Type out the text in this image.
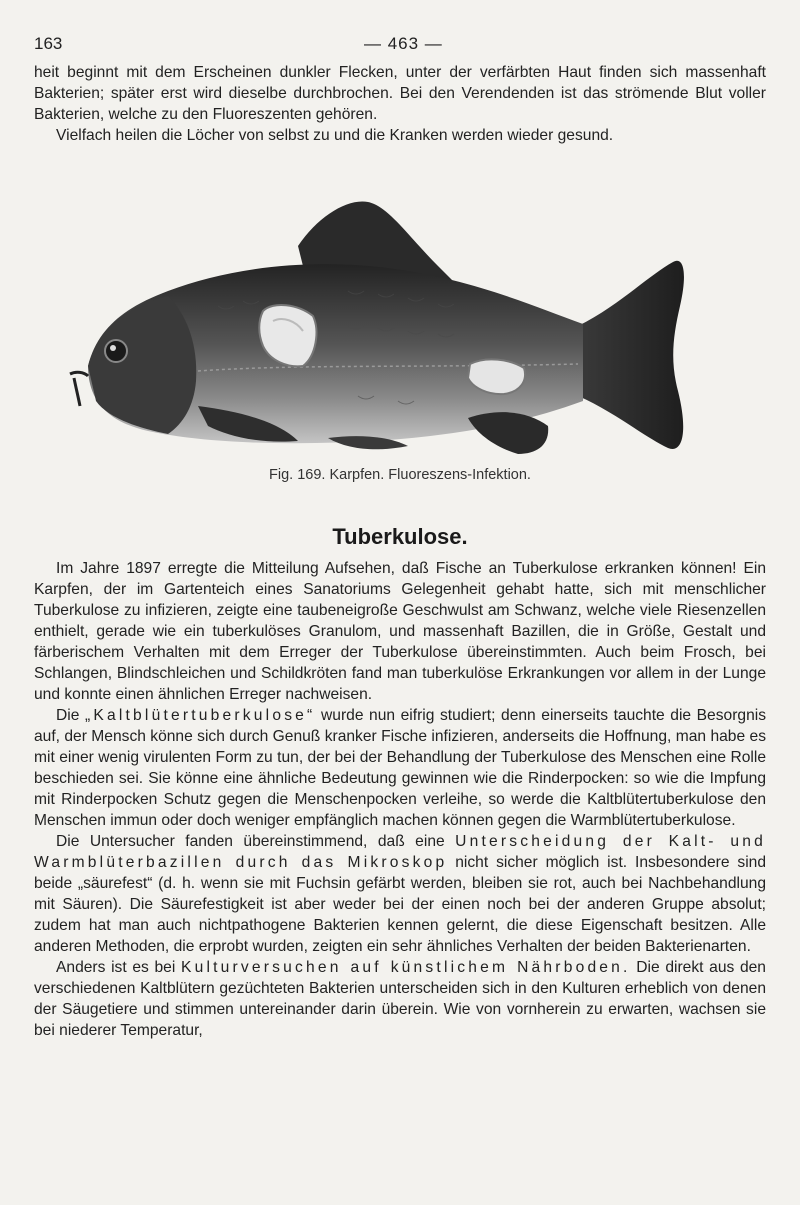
163	— 463 —

heit beginnt mit dem Erscheinen dunkler Flecken, unter der verfärbten Haut finden sich massenhaft Bakterien; später erst wird dieselbe durchbrochen. Bei den Verendenden ist das strömende Blut voller Bakterien, welche zu den Fluoreszenten gehören.

Vielfach heilen die Löcher von selbst zu und die Kranken werden wieder gesund.

Fig. 169. Karpfen. Fluoreszens-Infektion.
Tuberkulose.

Im Jahre 1897 erregte die Mitteilung Aufsehen, daß Fische an Tuberkulose erkranken können! Ein Karpfen, der im Gartenteich eines Sanatoriums Gelegenheit gehabt hatte, sich mit menschlicher Tuberkulose zu infizieren, zeigte eine taubeneigroße Geschwulst am Schwanz, welche viele Riesenzellen enthielt, gerade wie ein tuberkulöses Granulom, und massenhaft Bazillen, die in Größe, Gestalt und färberischem Verhalten mit dem Erreger der Tuberkulose übereinstimmten. Auch beim Frosch, bei Schlangen, Blindschleichen und Schildkröten fand man tuberkulöse Erkrankungen vor allem in der Lunge und konnte einen ähnlichen Erreger nachweisen.

Die „Kaltblütertuberkulose“ wurde nun eifrig studiert; denn einerseits tauchte die Besorgnis auf, der Mensch könne sich durch Genuß kranker Fische infizieren, anderseits die Hoffnung, man habe es mit einer wenig virulenten Form zu tun, der bei der Behandlung der Tuberkulose des Menschen eine Rolle beschieden sei. Sie könne eine ähnliche Bedeutung gewinnen wie die Rinderpocken: so wie die Impfung mit Rinderpocken Schutz gegen die Menschenpocken verleihe, so werde die Kaltblütertuberkulose den Menschen immun oder doch weniger empfänglich machen können gegen die Warmblütertuberkulose.

Die Untersucher fanden übereinstimmend, daß eine Unterscheidung der Kalt- und Warmblüterbazillen durch das Mikroskop nicht sicher möglich ist. Insbesondere sind beide „säurefest“ (d. h. wenn sie mit Fuchsin gefärbt werden, bleiben sie rot, auch bei Nachbehandlung mit Säuren). Die Säurefestigkeit ist aber weder bei der einen noch bei der anderen Gruppe absolut; zudem hat man auch nichtpathogene Bakterien kennen gelernt, die diese Eigenschaft besitzen. Alle anderen Methoden, die erprobt wurden, zeigten ein sehr ähnliches Verhalten der beiden Bakterienarten.

Anders ist es bei Kulturversuchen auf künstlichem Nährboden. Die direkt aus den verschiedenen Kaltblütern gezüchteten Bakterien unterscheiden sich in den Kulturen erheblich von denen der Säugetiere und stimmen untereinander darin überein. Wie von vornherein zu erwarten, wachsen sie bei niederer Temperatur,
